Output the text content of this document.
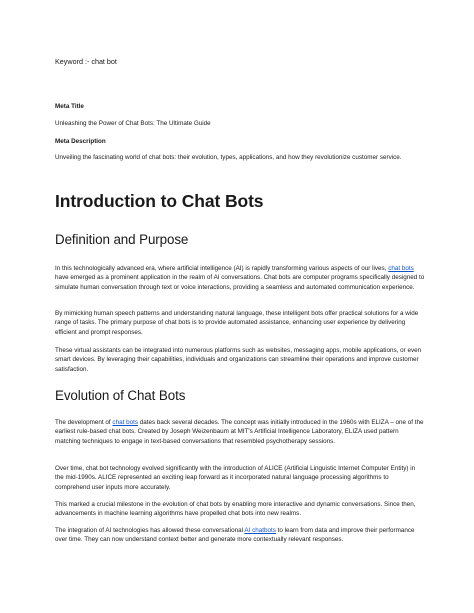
Keyword :- chat bot

Meta Title

Unleashing the Power of Chat Bots: The Ultimate Guide

Meta Description

Unveiling the fascinating world of chat bots: their evolution, types, applications, and how they revolutionize customer service.

Introduction to Chat Bots
Definition and Purpose

In this technologically advanced era, where artificial intelligence (AI) is rapidly transforming various aspects of our lives, chat bots have emerged as a prominent application in the realm of AI conversations. Chat bots are computer programs specifically designed to simulate human conversation through text or voice interactions, providing a seamless and automated communication experience.

By mimicking human speech patterns and understanding natural language, these intelligent bots offer practical solutions for a wide range of tasks. The primary purpose of chat bots is to provide automated assistance, enhancing user experience by delivering efficient and prompt responses.

These virtual assistants can be integrated into numerous platforms such as websites, messaging apps, mobile applications, or even smart devices. By leveraging their capabilities, individuals and organizations can streamline their operations and improve customer satisfaction.

Evolution of Chat Bots

The development of chat bots dates back several decades. The concept was initially introduced in the 1960s with ELIZA – one of the earliest rule-based chat bots. Created by Joseph Weizenbaum at MIT's Artificial Intelligence Laboratory, ELIZA used pattern matching techniques to engage in text-based conversations that resembled psychotherapy sessions.

Over time, chat bot technology evolved significantly with the introduction of ALICE (Artificial Linguistic Internet Computer Entity) in the mid-1990s. ALICE represented an exciting leap forward as it incorporated natural language processing algorithms to comprehend user inputs more accurately.

This marked a crucial milestone in the evolution of chat bots by enabling more interactive and dynamic conversations. Since then, advancements in machine learning algorithms have propelled chat bots into new realms.

The integration of AI technologies has allowed these conversational AI chatbots to learn from data and improve their performance over time. They can now understand context better and generate more contextually relevant responses.
